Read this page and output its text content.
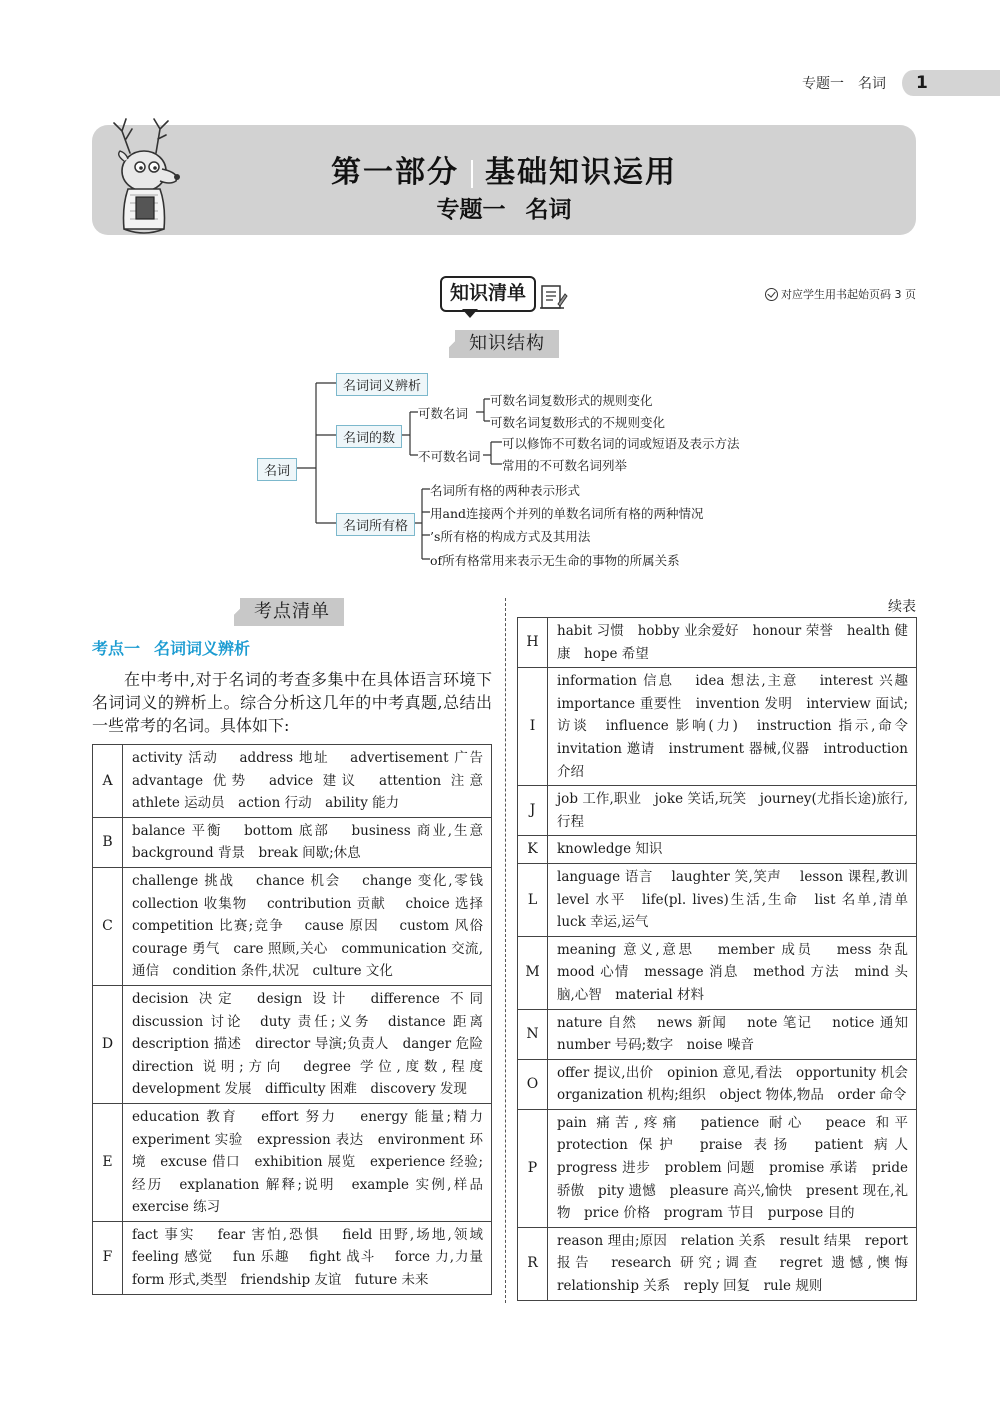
专题一　名词	1
第一部分 基础知识运用
专题一 名词
知识清单	对应学生用书起始页码 3 页
知识结构
名词
名词词义辨析
名词的数
名词所有格
可数名词
不可数名词
可数名词复数形式的规则变化
可数名词复数形式的不规则变化
可以修饰不可数名词的词或短语及表示方法
常用的不可数名词列举
名词所有格的两种表示形式
用and连接两个并列的单数名词所有格的两种情况
’s所有格的构成方式及其用法
of所有格常用来表示无生命的事物的所属关系
考点清单
考点一 名词词义辨析

在中考中,对于名词的考查多集中在具体语言环境下名词词义的辨析上。综合分析这几年的中考真题,总结出一些常考的名词。具体如下:

A	activity 活动　 address 地址　 advertisement 广告　advantage 优势　advice 建议　attention 注意　athlete 运动员　action 行动　ability 能力
B	balance 平衡　 bottom 底部　 business 商业,生意　background 背景　break 间歇;休息
C	challenge 挑战　 chance 机会　 change 变化,零钱　collection 收集物　 contribution 贡献　 choice 选择　competition 比赛;竞争　 cause 原因　 custom 风俗　courage 勇气　care 照顾,关心　communication 交流,通信　condition 条件,状况　culture 文化
D	decision 决定　design 设计　difference 不同　discussion 讨论　duty 责任;义务　distance 距离　description 描述　director 导演;负责人　danger 危险　direction 说明;方向　degree 学位,度数,程度　development 发展　difficulty 困难　discovery 发现
E	education 教育　 effort 努力　 energy 能量;精力　experiment 实验　expression 表达　environment 环境　excuse 借口　exhibition 展览　experience 经验;经历　explanation 解释;说明　example 实例,样品　exercise 练习
F	fact 事实　 fear 害怕,恐惧　 field 田野,场地,领域　feeling 感觉　 fun 乐趣　 fight 战斗　 force 力,力量　form 形式,类型　friendship 友谊　future 未来
续表
H	habit 习惯　hobby 业余爱好　honour 荣誉　health 健康　hope 希望
I	information 信息　 idea 想法,主意　 interest 兴趣　importance 重要性　invention 发明　interview 面试;访谈　influence 影响(力)　instruction 指示,命令　invitation 邀请　instrument 器械,仪器　introduction 介绍
J	job 工作,职业　joke 笑话,玩笑　journey(尤指长途)旅行,行程
K	knowledge 知识
L	language 语言　 laughter 笑,笑声　 lesson 课程,教训　level 水平　life(pl. lives)生活,生命　list 名单,清单　luck 幸运,运气
M	meaning 意义,意思　 member 成员　 mess 杂乱　 mood 心情　message 消息　method 方法　mind 头脑,心智　material 材料
N	nature 自然　 news 新闻　 note 笔记　 notice 通知　number 号码;数字　noise 噪音
O	offer 提议,出价　opinion 意见,看法　opportunity 机会　organization 机构;组织　object 物体,物品　order 命令
P	pain 痛苦,疼痛　patience 耐心　peace 和平　protection 保护　praise 表扬　patient 病人　progress 进步　problem 问题　promise 承诺　pride 骄傲　pity 遗憾　pleasure 高兴,愉快　present 现在,礼物　price 价格　program 节目　purpose 目的
R	reason 理由;原因　relation 关系　result 结果　report 报告　research 研究;调查　regret 遗憾,懊悔　relationship 关系　reply 回复　rule 规则
